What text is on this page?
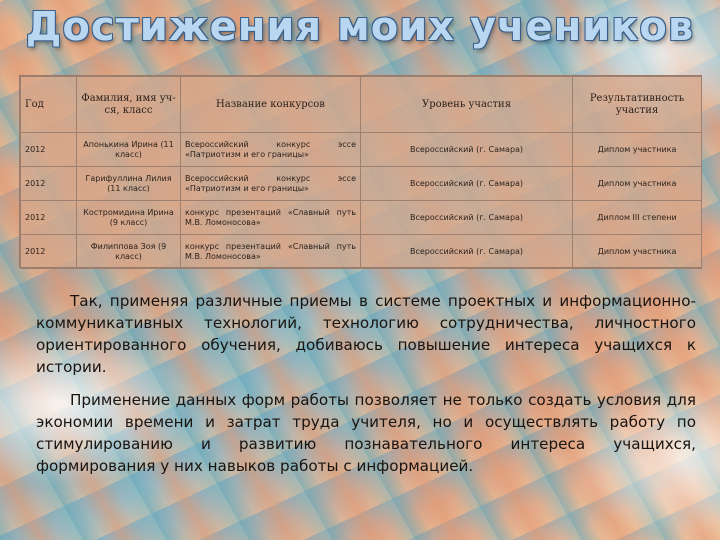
Достижения моих учеников
Год	Фамилия, имя уч-ся, класс	Название конкурсов	Уровень участия	Результативность участия
2012	Апонькина Ирина (11 класс)	Всероссийский конкурс эссе «Патриотизм и его границы»	Всероссийский (г. Самара)	Диплом участника
2012	Гарифуллина Лилия (11 класс)	Всероссийский конкурс эссе «Патриотизм и его границы»	Всероссийский (г. Самара)	Диплом участника
2012	Костромидина Ирина (9 класс)	конкурс презентаций «Славный путь М.В. Ломоносова»	Всероссийский (г. Самара)	Диплом III степени
2012	Филиппова Зоя (9 класс)	конкурс презентаций «Славный путь М.В. Ломоносова»	Всероссийский (г. Самара)	Диплом участника

Так, применяя различные приемы в системе проектных и информационно-коммуникативных технологий, технологию сотрудничества, личностного ориентированного обучения, добиваюсь повышение интереса учащихся к истории.

Применение данных форм работы позволяет не только создать условия для экономии времени и затрат труда учителя, но и осуществлять работу по стимулированию и развитию познавательного интереса учащихся, формирования у них навыков работы с информацией.
